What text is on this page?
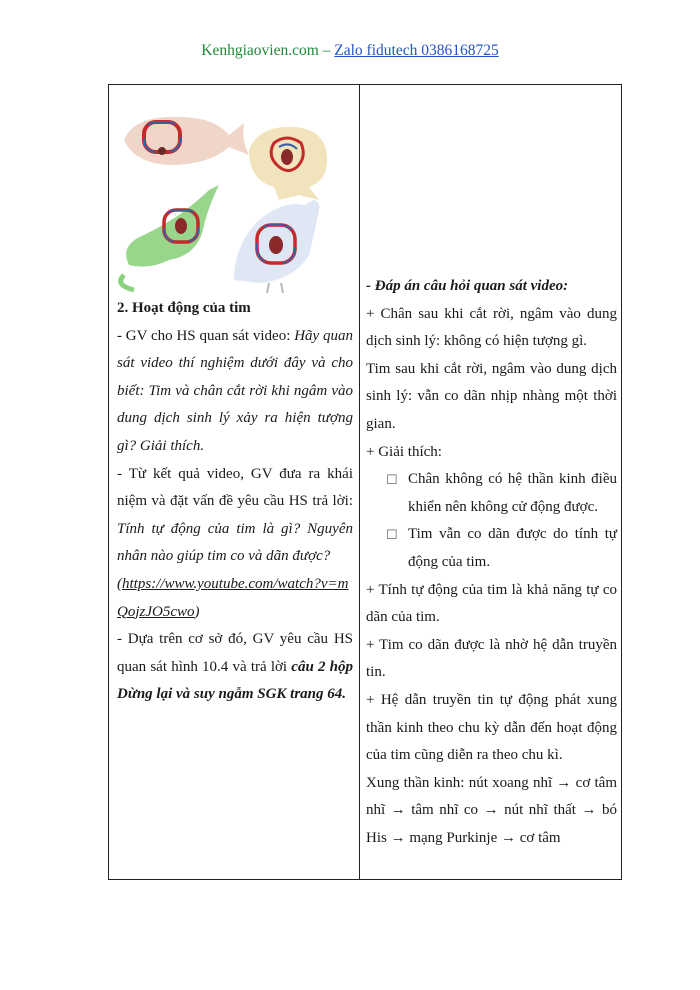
Kenhgiaovien.com – Zalo fidutech 0386168725

2. Hoạt động của tim

- GV cho HS quan sát video: Hãy quan sát video thí nghiệm dưới đây và cho biết: Tim và chân cắt rời khi ngâm vào dung dịch sinh lý xảy ra hiện tượng gì? Giải thích.

- Từ kết quả video, GV đưa ra khái niệm và đặt vấn đề yêu cầu HS trả lời: Tính tự động của tim là gì? Nguyên nhân nào giúp tim co và dãn được?

(https://www.youtube.com/watch?v=mQojzJO5cwo)

- Dựa trên cơ sở đó, GV yêu cầu HS quan sát hình 10.4 và trả lời câu 2 hộp Dừng lại và suy ngẫm SGK trang 64.

- Đáp án câu hỏi quan sát video:

+ Chân sau khi cắt rời, ngâm vào dung dịch sinh lý: không có hiện tượng gì.

Tim sau khi cắt rời, ngâm vào dung dịch sinh lý: vẫn co dãn nhịp nhàng một thời gian.

+ Giải thích:

☐ Chân không có hệ thần kinh điều khiển nên không cử động được.

☐ Tim vẫn co dãn được do tính tự động của tim.

+ Tính tự động của tim là khả năng tự co dãn của tim.

+ Tim co dãn được là nhờ hệ dẫn truyền tin.

+ Hệ dẫn truyền tin tự động phát xung thần kinh theo chu kỳ dẫn đến hoạt động của tim cũng diễn ra theo chu kì.

Xung thần kinh: nút xoang nhĩ → cơ tâm nhĩ → tâm nhĩ co → nút nhĩ thất → bó His → mạng Purkinje → cơ tâm
